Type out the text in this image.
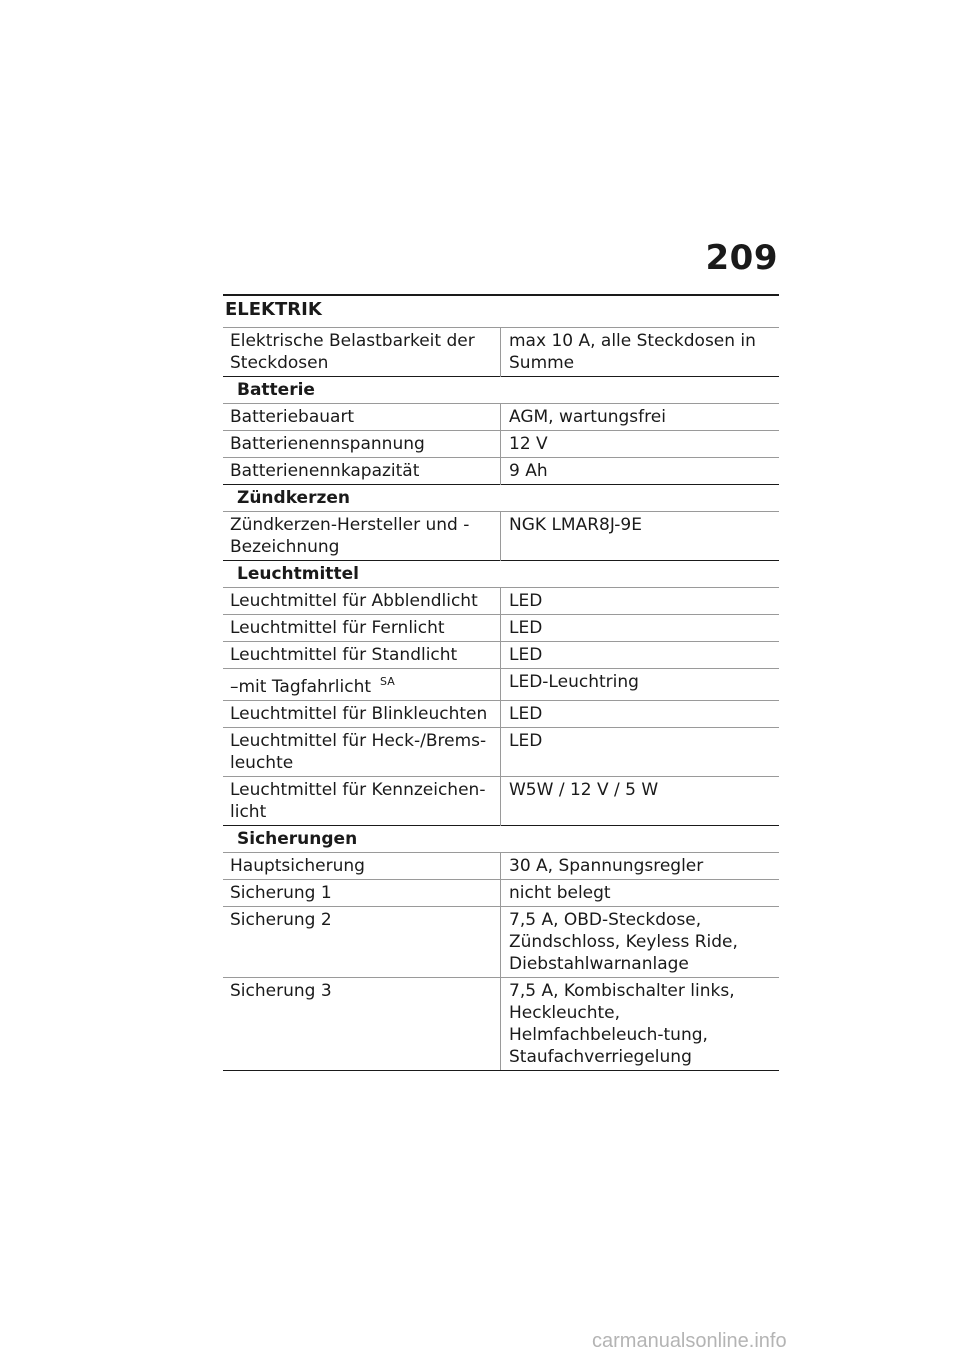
209
ELEKTRIK
Elektrische Belastbarkeit der Steckdosen	max 10 A, alle Steckdosen in Summe
Batterie	
Batteriebauart	AGM, wartungsfrei
Batterienennspannung	12 V
Batterienennkapazität	9 Ah
Zündkerzen	
Zündkerzen-Hersteller und -Bezeichnung	NGK LMAR8J-9E
Leuchtmittel	
Leuchtmittel für Abblendlicht	LED
Leuchtmittel für Fernlicht	LED
Leuchtmittel für Standlicht	LED
–mit Tagfahrlicht $^{SA}$	LED-Leuchtring
Leuchtmittel für Blinkleuchten	LED
Leuchtmittel für Heck-/Brems-leuchte	LED
Leuchtmittel für Kennzeichen-licht	W5W / 12 V / 5 W
Sicherungen	
Hauptsicherung	30 A, Spannungsregler
Sicherung 1	nicht belegt
Sicherung 2	7,5 A, OBD-Steckdose, Zündschloss, Keyless Ride, Diebstahlwarnanlage
Sicherung 3	7,5 A, Kombischalter links, Heckleuchte, Helmfachbeleuch-tung, Staufachverriegelung
carmanualsonline.info
